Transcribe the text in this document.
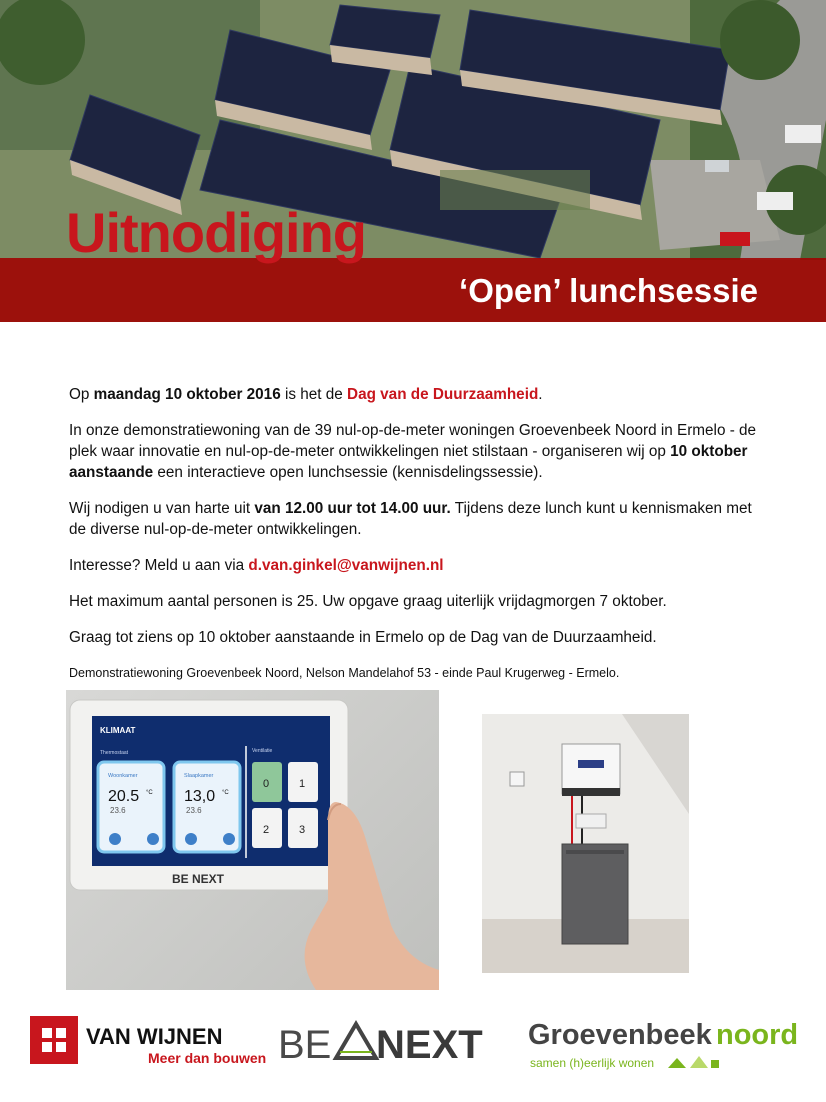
Uitnodiging
‘Open’ lunchsessie

Op maandag 10 oktober 2016 is het de Dag van de Duurzaamheid.

In onze demonstratiewoning van de 39 nul-op-de-meter woningen Groevenbeek Noord in Ermelo - de plek waar innovatie en nul-op-de-meter ontwikkelingen niet stilstaan - organiseren wij op 10 oktober aanstaande een interactieve open lunchsessie (kennisdelingssessie).

Wij nodigen u van harte uit van 12.00 uur tot 14.00 uur. Tijdens deze lunch kunt u kennismaken met de diverse nul-op-de-meter ontwikkelingen.

Interesse? Meld u aan via d.van.ginkel@vanwijnen.nl

Het maximum aantal personen is 25. Uw opgave graag uiterlijk vrijdagmorgen 7 oktober.

Graag tot ziens op 10 oktober aanstaande in Ermelo op de Dag van de Duurzaamheid.

Demonstratiewoning Groevenbeek Noord, Nelson Mandelahof 53 - einde Paul Krugerweg - Ermelo.

KLIMAAT
Thermostaat	Ventilatie
Woonkamer	Slaapkamer
20.5	13,0
°C	°C
23.6	23.6
0	1
2	3
BE NEXT
VAN WIJNEN
Meer dan bouwen BE NEXT Groevenbeek noord
samen (h)eerlijk wonen
